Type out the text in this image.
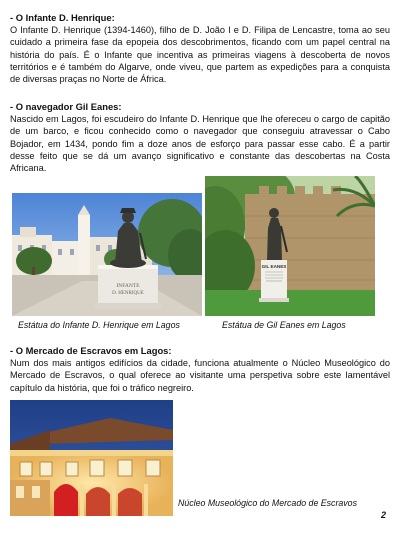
- O Infante D. Henrique:

O Infante D. Henrique (1394-1460), filho de D. João I e D. Filipa de Lencastre, toma ao seu cuidado a primeira fase da epopeia dos descobrimentos, ficando com um papel central na história do país. É o Infante que incentiva as primeiras viagens à descoberta de novos territórios e é também do Algarve, onde viveu, que partem as expedições para a conquista de diversas praças no Norte de África.

- O navegador Gil Eanes:

Nascido em Lagos, foi escudeiro do Infante D. Henrique que lhe ofereceu o cargo de capitão de um barco, e ficou conhecido como o navegador que conseguiu atravessar o Cabo Bojador, em 1434, pondo fim a doze anos de esforço para passar esse cabo. É a partir desse feito que se dá um avanço significativo e constante das descobertas na Costa Africana.

INFANTE
D. HENRIQUE
GIL EANES
Estátua do Infante D. Henrique em Lagos	Estátua de Gil Eanes em Lagos
- O Mercado de Escravos em Lagos:

Num dos mais antigos edifícios da cidade, funciona atualmente o Núcleo Museológico do Mercado de Escravos, o qual oferece ao visitante uma perspetiva sobre este lamentável capítulo da história, que foi o tráfico negreiro.

Núcleo Museológico do Mercado de Escravos
2
